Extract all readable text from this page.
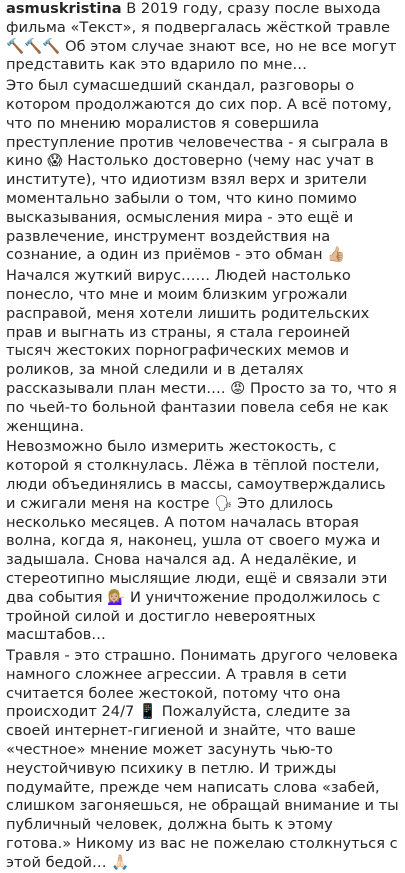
asmuskristina В 2019 году, сразу после выхода фильма «Текст», я подвергалась жёсткой травле 🔨🔨🔨 Об этом случае знают все, но не все могут представить как это вдарило по мне…

Это был сумасшедший скандал, разговоры о котором продолжаются до сих пор. А всё потому, что по мнению моралистов я совершила преступление против человечества - я сыграла в кино 😱 Настолько достоверно (чему нас учат в институте), что идиотизм взял верх и зрители моментально забыли о том, что кино помимо высказывания, осмысления мира - это ещё и развлечение, инструмент воздействия на сознание, а один из приёмов - это обман 👍🏼

Начался жуткий вирус…… Людей настолько понесло, что мне и моим близким угрожали расправой, меня хотели лишить родительских прав и выгнать из страны, я стала героиней тысяч жестоких порнографических мемов и роликов, за мной следили и в деталях рассказывали план мести…. 😡 Просто за то, что я по чьей-то больной фантазии повела себя не как женщина.

Невозможно было измерить жестокость, с которой я столкнулась. Лёжа в тёплой постели, люди объединялись в массы, самоутверждались и сжигали меня на костре 🗣 Это длилось несколько месяцев. А потом началась вторая волна, когда я, наконец, ушла от своего мужа и задышала. Снова начался ад. А недалёкие, и стереотипно мыслящие люди, ещё и связали эти два события 💁🏼‍♀️ И уничтожение продолжилось с тройной силой и достигло невероятных масштабов…

Травля - это страшно. Понимать другого человека намного сложнее агрессии. А травля в сети считается более жестокой, потому что она происходит 24/7 📱 Пожалуйста, следите за своей интернет-гигиеной и знайте, что ваше «честное» мнение может засунуть чью-то неустойчивую психику в петлю. И трижды подумайте, прежде чем написать слова «забей, слишком загоняешься, не обращай внимание и ты публичный человек, должна быть к этому готова.» Никому из вас не пожелаю столкнуться с этой бедой… 🙏🏻
